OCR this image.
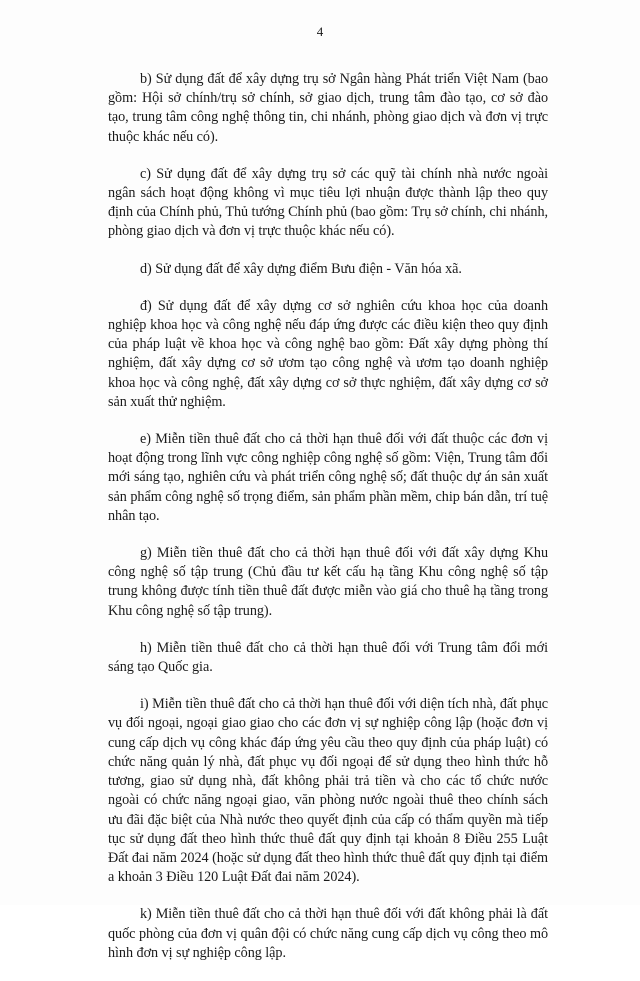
4

b) Sử dụng đất để xây dựng trụ sở Ngân hàng Phát triển Việt Nam (bao gồm: Hội sở chính/trụ sở chính, sở giao dịch, trung tâm đào tạo, cơ sở đào tạo, trung tâm công nghệ thông tin, chi nhánh, phòng giao dịch và đơn vị trực thuộc khác nếu có).

c) Sử dụng đất để xây dựng trụ sở các quỹ tài chính nhà nước ngoài ngân sách hoạt động không vì mục tiêu lợi nhuận được thành lập theo quy định của Chính phủ, Thủ tướng Chính phủ (bao gồm: Trụ sở chính, chi nhánh, phòng giao dịch và đơn vị trực thuộc khác nếu có).

d) Sử dụng đất để xây dựng điểm Bưu điện - Văn hóa xã.

đ) Sử dụng đất để xây dựng cơ sở nghiên cứu khoa học của doanh nghiệp khoa học và công nghệ nếu đáp ứng được các điều kiện theo quy định của pháp luật về khoa học và công nghệ bao gồm: Đất xây dựng phòng thí nghiệm, đất xây dựng cơ sở ươm tạo công nghệ và ươm tạo doanh nghiệp khoa học và công nghệ, đất xây dựng cơ sở thực nghiệm, đất xây dựng cơ sở sản xuất thử nghiệm.

e) Miễn tiền thuê đất cho cả thời hạn thuê đối với đất thuộc các đơn vị hoạt động trong lĩnh vực công nghiệp công nghệ số gồm: Viện, Trung tâm đổi mới sáng tạo, nghiên cứu và phát triển công nghệ số; đất thuộc dự án sản xuất sản phẩm công nghệ số trọng điểm, sản phẩm phần mềm, chip bán dẫn, trí tuệ nhân tạo.

g) Miễn tiền thuê đất cho cả thời hạn thuê đối với đất xây dựng Khu công nghệ số tập trung (Chủ đầu tư kết cấu hạ tầng Khu công nghệ số tập trung không được tính tiền thuê đất được miễn vào giá cho thuê hạ tầng trong Khu công nghệ số tập trung).

h) Miễn tiền thuê đất cho cả thời hạn thuê đối với Trung tâm đổi mới sáng tạo Quốc gia.

i) Miễn tiền thuê đất cho cả thời hạn thuê đối với diện tích nhà, đất phục vụ đối ngoại, ngoại giao giao cho các đơn vị sự nghiệp công lập (hoặc đơn vị cung cấp dịch vụ công khác đáp ứng yêu cầu theo quy định của pháp luật) có chức năng quản lý nhà, đất phục vụ đối ngoại để sử dụng theo hình thức hỗ tương, giao sử dụng nhà, đất không phải trả tiền và cho các tổ chức nước ngoài có chức năng ngoại giao, văn phòng nước ngoài thuê theo chính sách ưu đãi đặc biệt của Nhà nước theo quyết định của cấp có thẩm quyền mà tiếp tục sử dụng đất theo hình thức thuê đất quy định tại khoản 8 Điều 255 Luật Đất đai năm 2024 (hoặc sử dụng đất theo hình thức thuê đất quy định tại điểm a khoản 3 Điều 120 Luật Đất đai năm 2024).

k) Miễn tiền thuê đất cho cả thời hạn thuê đối với đất không phải là đất quốc phòng của đơn vị quân đội có chức năng cung cấp dịch vụ công theo mô hình đơn vị sự nghiệp công lập.
